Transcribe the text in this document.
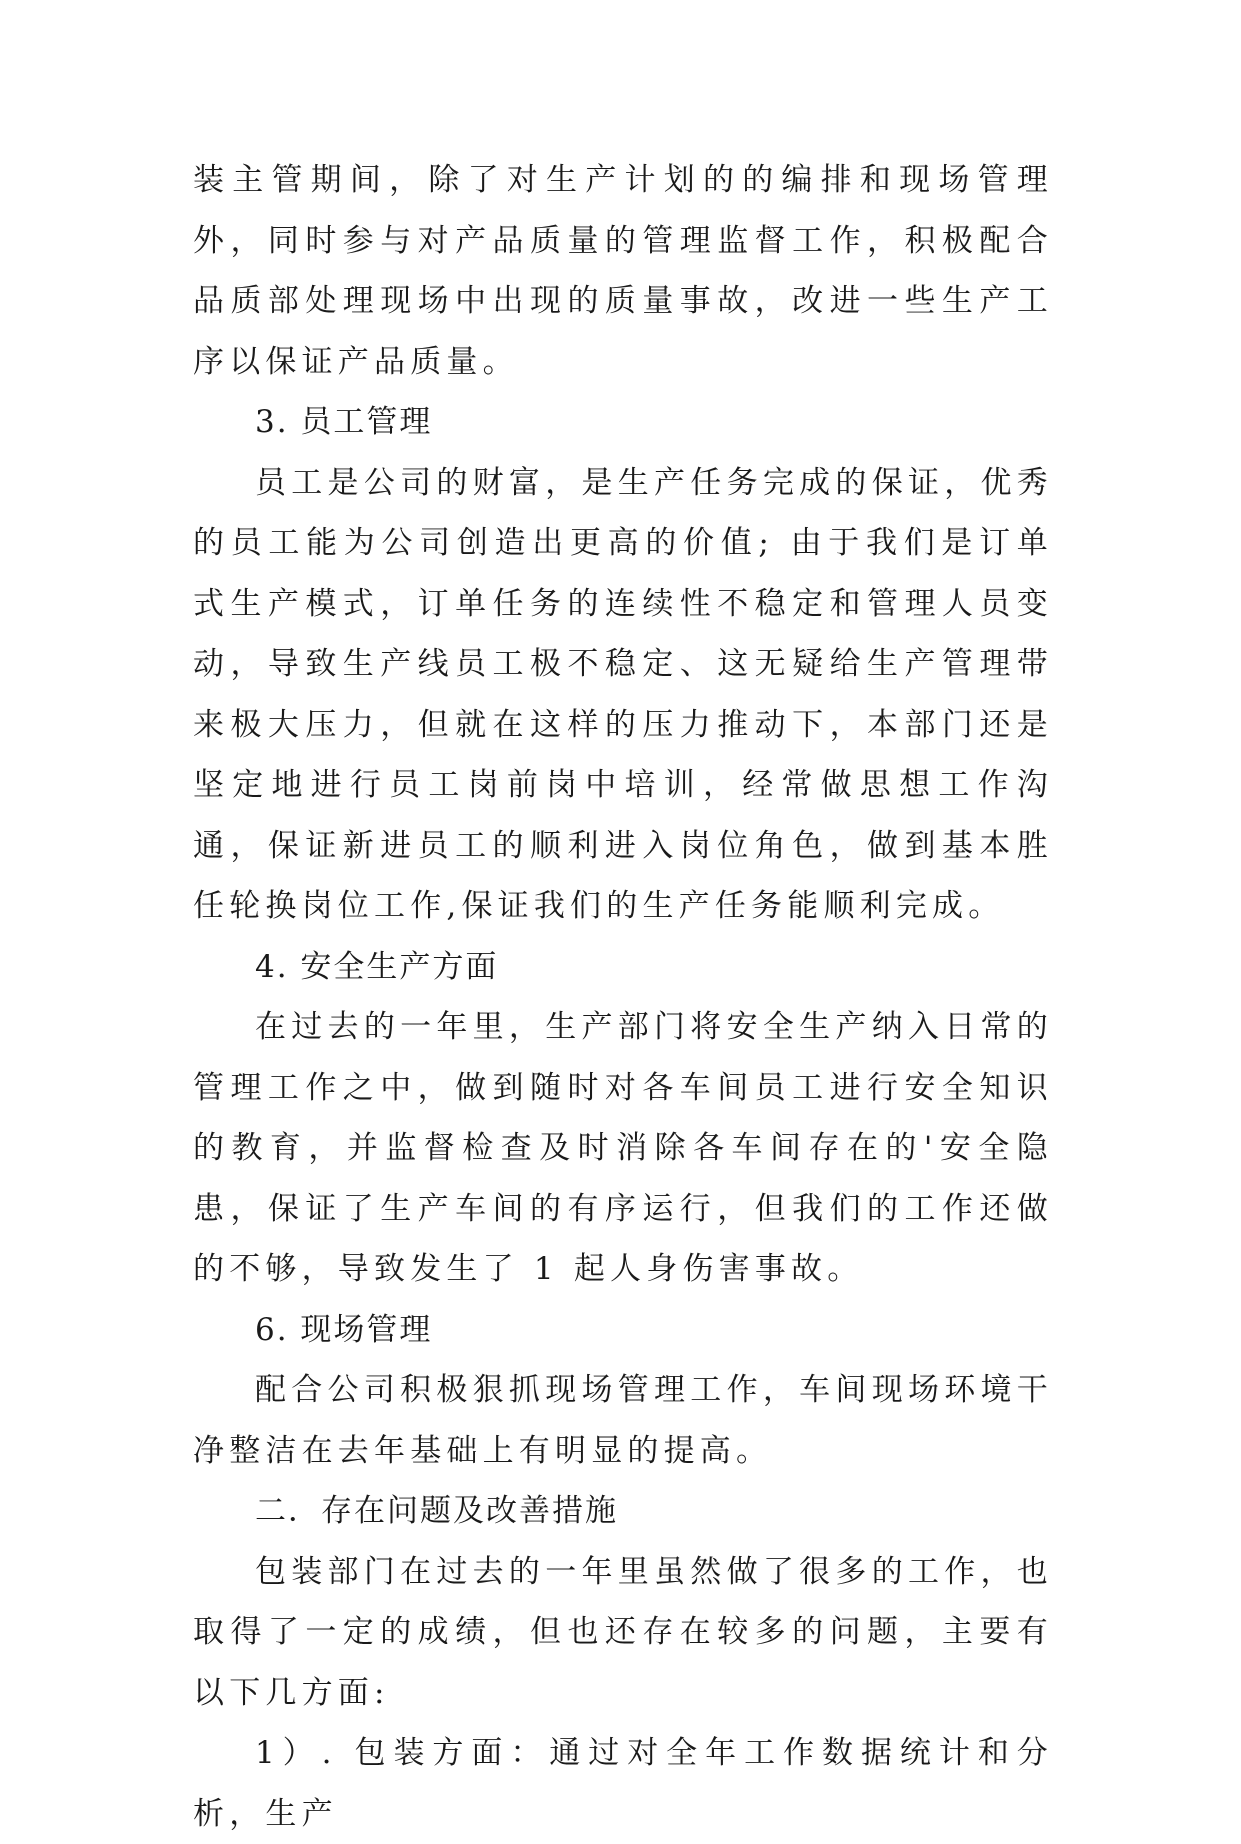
装主管期间，除了对生产计划的的编排和现场管理外，同时参与对产品质量的管理监督工作，积极配合品质部处理现场中出现的质量事故，改进一些生产工序以保证产品质量。

3. 员工管理

员工是公司的财富，是生产任务完成的保证，优秀的员工能为公司创造出更高的价值; 由于我们是订单式生产模式，订单任务的连续性不稳定和管理人员变动，导致生产线员工极不稳定、这无疑给生产管理带来极大压力，但就在这样的压力推动下，本部门还是坚定地进行员工岗前岗中培训，经常做思想工作沟通，保证新进员工的顺利进入岗位角色，做到基本胜任轮换岗位工作,保证我们的生产任务能顺利完成。

4. 安全生产方面

在过去的一年里，生产部门将安全生产纳入日常的管理工作之中，做到随时对各车间员工进行安全知识的教育，并监督检查及时消除各车间存在的'安全隐患，保证了生产车间的有序运行，但我们的工作还做的不够，导致发生了 1 起人身伤害事故。

6. 现场管理

配合公司积极狠抓现场管理工作，车间现场环境干净整洁在去年基础上有明显的提高。

二．存在问题及改善措施

包装部门在过去的一年里虽然做了很多的工作，也取得了一定的成绩，但也还存在较多的问题，主要有以下几方面:

1）. 包装方面：通过对全年工作数据统计和分析，生产
